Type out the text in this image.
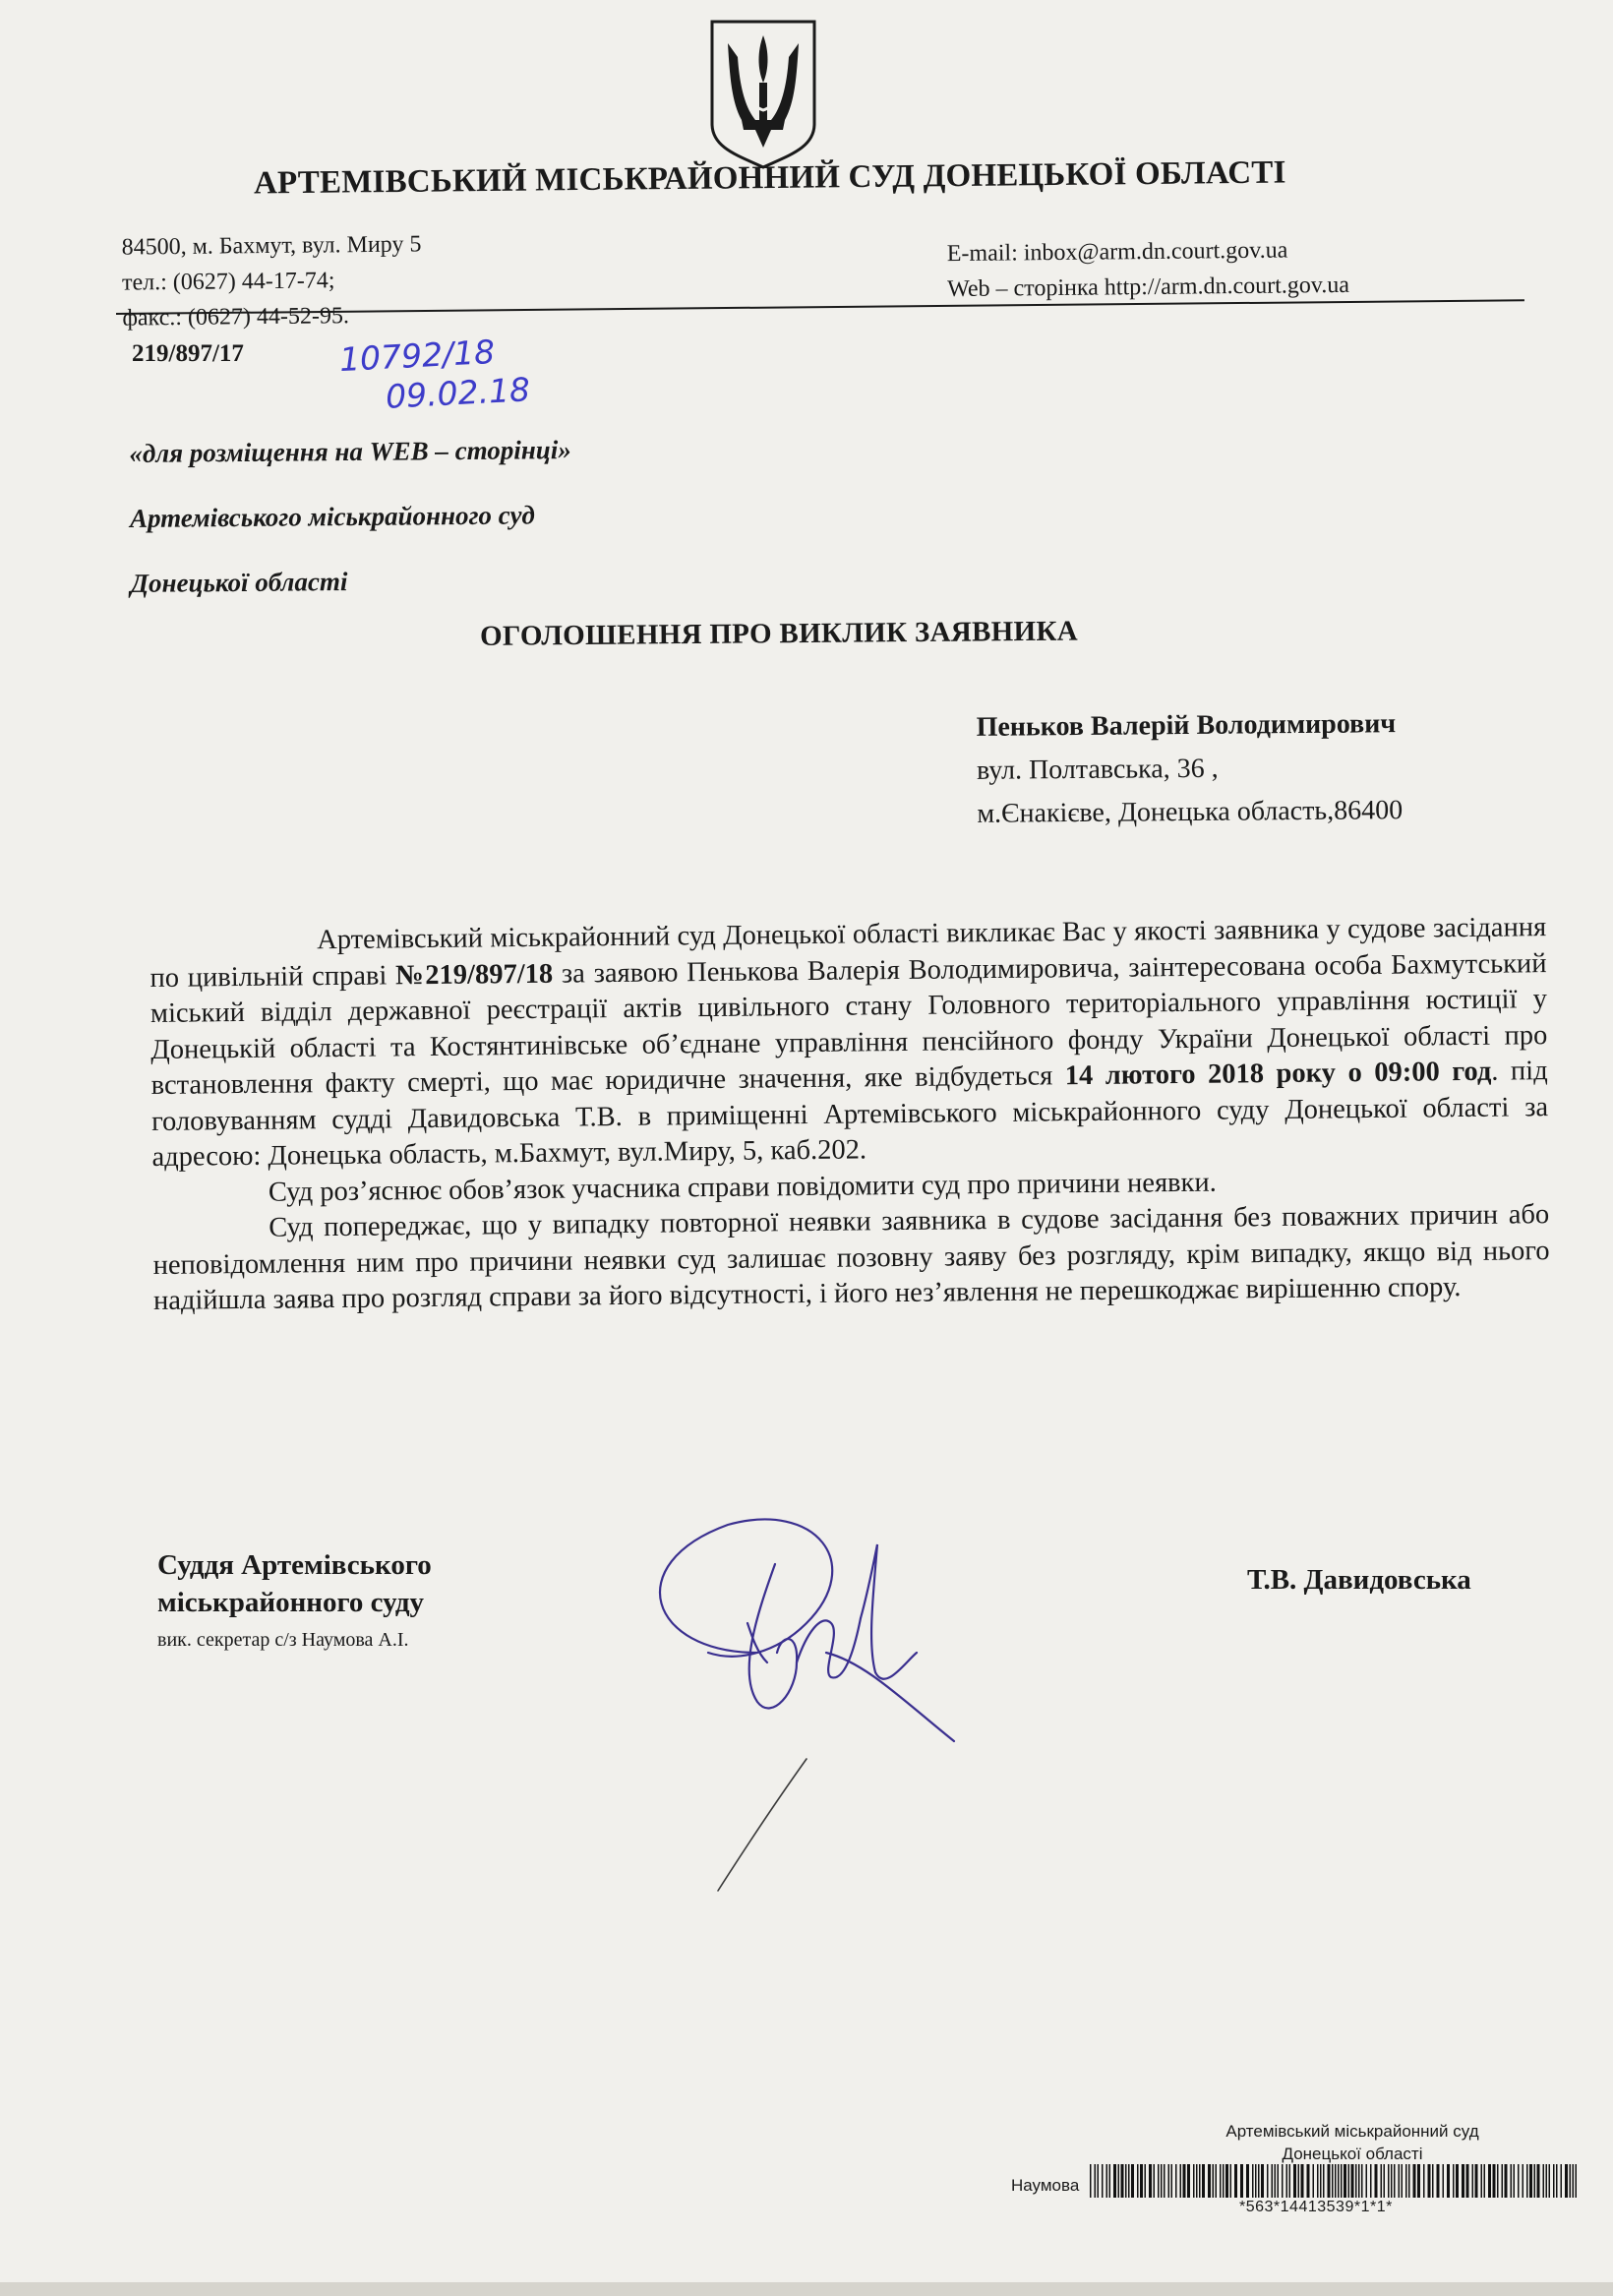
АРТЕМІВСЬКИЙ МІСЬКРАЙОННИЙ СУД ДОНЕЦЬКОЇ ОБЛАСТІ
84500, м. Бахмут, вул. Миру 5
тел.: (0627) 44-17-74;
факс.: (0627) 44-52-95.
E-mail: inbox@arm.dn.court.gov.ua
Web – сторінка http://arm.dn.court.gov.ua
219/897/17	10792/18
09.02.18
«для розміщення на WEB – сторінці»
Артемівського міськрайонного суд
Донецької області
ОГОЛОШЕННЯ ПРО ВИКЛИК ЗАЯВНИКА
Пеньков Валерій Володимирович
вул. Полтавська, 36 ,
м.Єнакієве, Донецька область,86400

Артемівський міськрайонний суд Донецької області викликає Вас у якості заявника у судове засідання по цивільній справі №219/897/18 за заявою Пенькова Валерія Володимировича, заінтересована особа Бахмутський міський відділ державної реєстрації актів цивільного стану Головного територіального управління юстиції у Донецькій області та Костянтинівське об’єднане управління пенсійного фонду України Донецької області про встановлення факту смерті, що має юридичне значення, яке відбудеться 14 лютого 2018 року о 09:00 год. під головуванням судді Давидовська Т.В. в приміщенні Артемівського міськрайонного суду Донецької області за адресою: Донецька область, м.Бахмут, вул.Миру, 5, каб.202.

Суд роз’яснює обов’язок учасника справи повідомити суд про причини неявки.

Суд попереджає, що у випадку повторної неявки заявника в судове засідання без поважних причин або неповідомлення ним про причини неявки суд залишає позовну заяву без розгляду, крім випадку, якщо від нього надійшла заява про розгляд справи за його відсутності, і його нез’явлення не перешкоджає вирішенню спору.

Суддя Артемівського
міськрайонного суду
вик. секретар с/з Наумова А.І.
Т.В. Давидовська
Артемівський міськрайонний суд
Донецької області
Наумова
*563*14413539*1*1*
